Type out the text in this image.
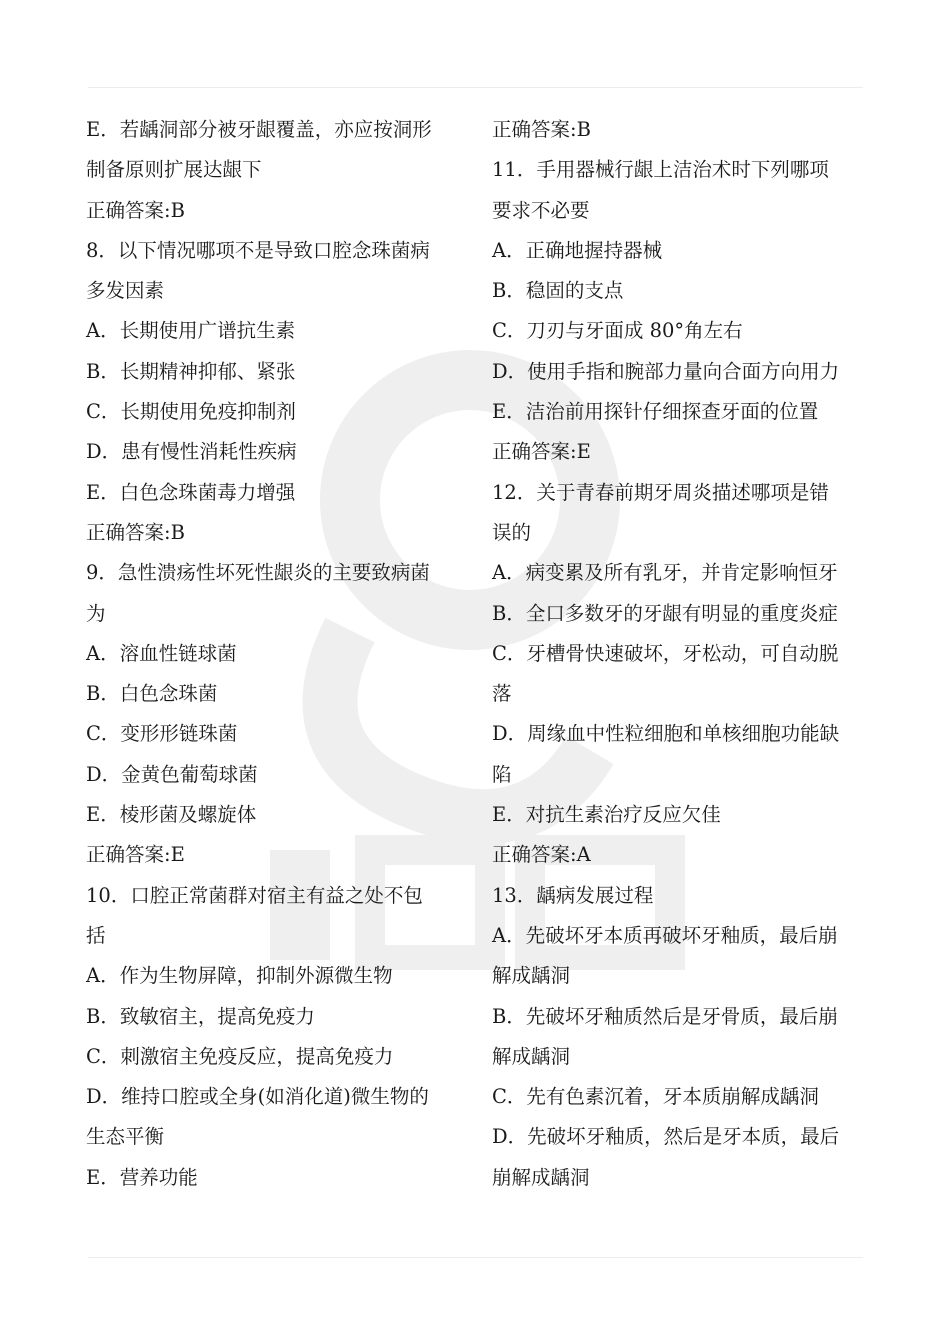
E．若龋洞部分被牙龈覆盖，亦应按洞形
制备原则扩展达龈下
正确答案:B
8．以下情况哪项不是导致口腔念珠菌病
多发因素
A．长期使用广谱抗生素
B．长期精神抑郁、紧张
C．长期使用免疫抑制剂
D．患有慢性消耗性疾病
E．白色念珠菌毒力增强
正确答案:B
9．急性溃疡性坏死性龈炎的主要致病菌
为
A．溶血性链球菌
B．白色念珠菌
C．变形形链珠菌
D．金黄色葡萄球菌
E．棱形菌及螺旋体
正确答案:E
10．口腔正常菌群对宿主有益之处不包
括
A．作为生物屏障，抑制外源微生物
B．致敏宿主，提高免疫力
C．刺激宿主免疫反应，提高免疫力
D．维持口腔或全身(如消化道)微生物的
生态平衡
E．营养功能
正确答案:B
11．手用器械行龈上洁治术时下列哪项
要求不必要
A．正确地握持器械
B．稳固的支点
C．刀刃与牙面成 80°角左右
D．使用手指和腕部力量向合面方向用力
E．洁治前用探针仔细探查牙面的位置
正确答案:E
12．关于青春前期牙周炎描述哪项是错
误的
A．病变累及所有乳牙，并肯定影响恒牙
B．全口多数牙的牙龈有明显的重度炎症
C．牙槽骨快速破坏，牙松动，可自动脱
落
D．周缘血中性粒细胞和单核细胞功能缺
陷
E．对抗生素治疗反应欠佳
正确答案:A
13．龋病发展过程
A．先破坏牙本质再破坏牙釉质，最后崩
解成龋洞
B．先破坏牙釉质然后是牙骨质，最后崩
解成龋洞
C．先有色素沉着，牙本质崩解成龋洞
D．先破坏牙釉质，然后是牙本质，最后
崩解成龋洞
